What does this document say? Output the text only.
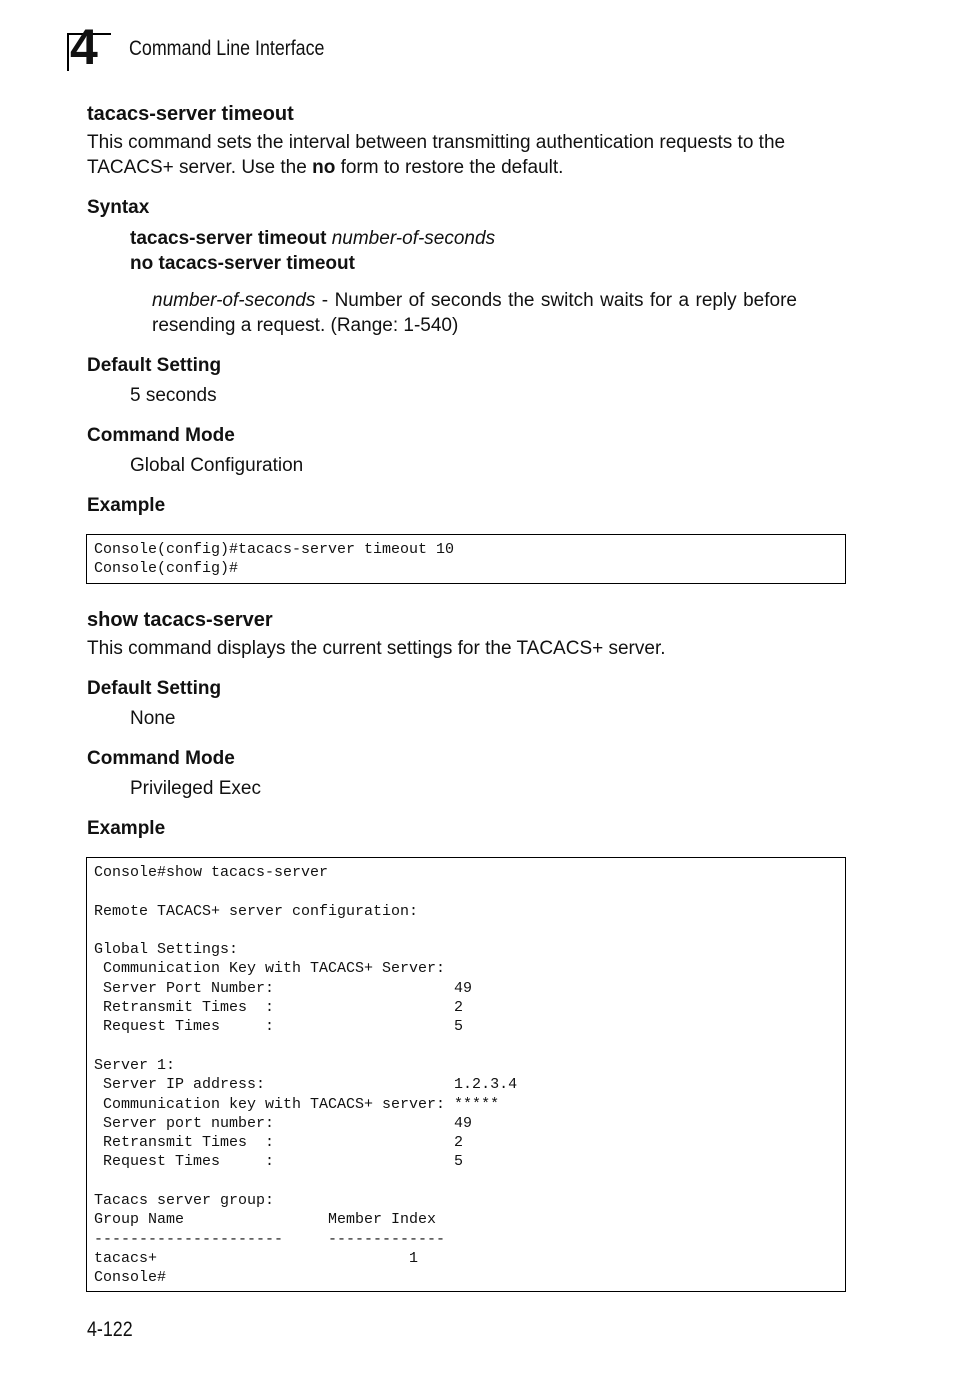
4 Command Line Interface
tacacs-server timeout
This command sets the interval between transmitting authentication requests to the TACACS+ server. Use the no form to restore the default.
Syntax
tacacs-server timeout number-of-seconds
no tacacs-server timeout
number-of-seconds - Number of seconds the switch waits for a reply before resending a request. (Range: 1-540)
Default Setting
5 seconds
Command Mode
Global Configuration
Example
Console(config)#tacacs-server timeout 10
Console(config)#
show tacacs-server
This command displays the current settings for the TACACS+ server.
Default Setting
None
Command Mode
Privileged Exec
Example
Console#show tacacs-server

Remote TACACS+ server configuration:

Global Settings:
Communication Key with TACACS+ Server:
Server Port Number:                    49
Retransmit Times  :                    2
Request Times     :                    5

Server 1:
Server IP address:                     1.2.3.4
Communication key with TACACS+ server: *****
Server port number:                    49
Retransmit Times  :                    2
Request Times     :                    5

Tacacs server group:
Group Name                Member Index
---------------------     -------------
tacacs+                            1
Console#
4-122
